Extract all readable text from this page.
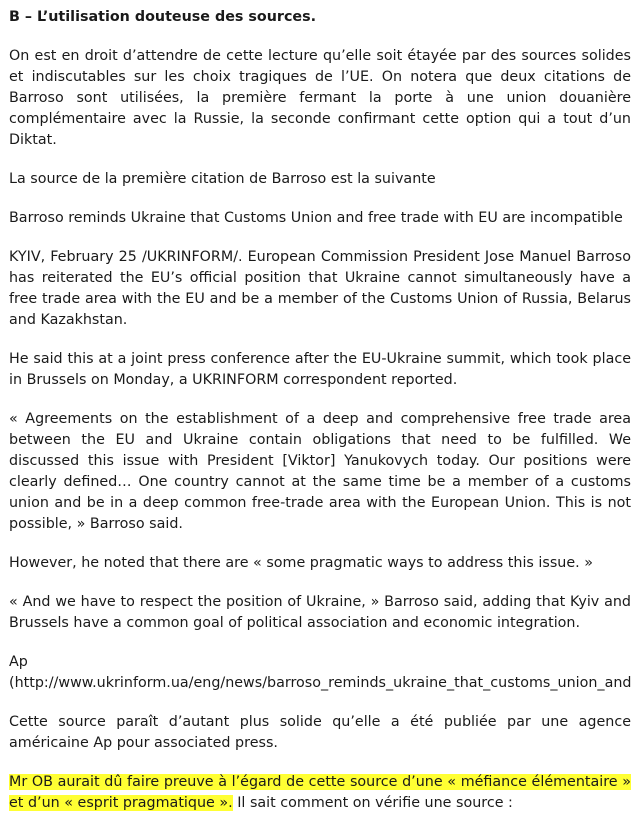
B – L’utilisation douteuse des sources.

On est en droit d’attendre de cette lecture qu’elle soit étayée par des sources solides et indiscutables sur les choix tragiques de l’UE. On notera que deux citations de Barroso sont utilisées, la première fermant la porte à une union douanière complémentaire avec la Russie, la seconde confirmant cette option qui a tout d’un Diktat.

La source de la première citation de Barroso est la suivante

Barroso reminds Ukraine that Customs Union and free trade with EU are incompatible

KYIV, February 25 /UKRINFORM/. European Commission President Jose Manuel Barroso has reiterated the EU’s official position that Ukraine cannot simultaneously have a free trade area with the EU and be a member of the Customs Union of Russia, Belarus and Kazakhstan.

He said this at a joint press conference after the EU-Ukraine summit, which took place in Brussels on Monday, a UKRINFORM correspondent reported.

« Agreements on the establishment of a deep and comprehensive free trade area between the EU and Ukraine contain obligations that need to be fulfilled. We discussed this issue with President [Viktor] Yanukovych today. Our positions were clearly defined… One country cannot at the same time be a member of a customs union and be in a deep common free-trade area with the European Union. This is not possible, » Barroso said.

However, he noted that there are « some pragmatic ways to address this issue. »

« And we have to respect the position of Ukraine, » Barroso said, adding that Kyiv and Brussels have a common goal of political association and economic integration.

Ap
(http://www.ukrinform.ua/eng/news/barroso_reminds_ukraine_that_customs_union_and

Cette source paraît d’autant plus solide qu’elle a été publiée par une agence américaine Ap pour associated press.

Mr OB aurait dû faire preuve à l’égard de cette source d’une « méfiance élémentaire » et d’un « esprit pragmatique ». Il sait comment on vérifie une source :
